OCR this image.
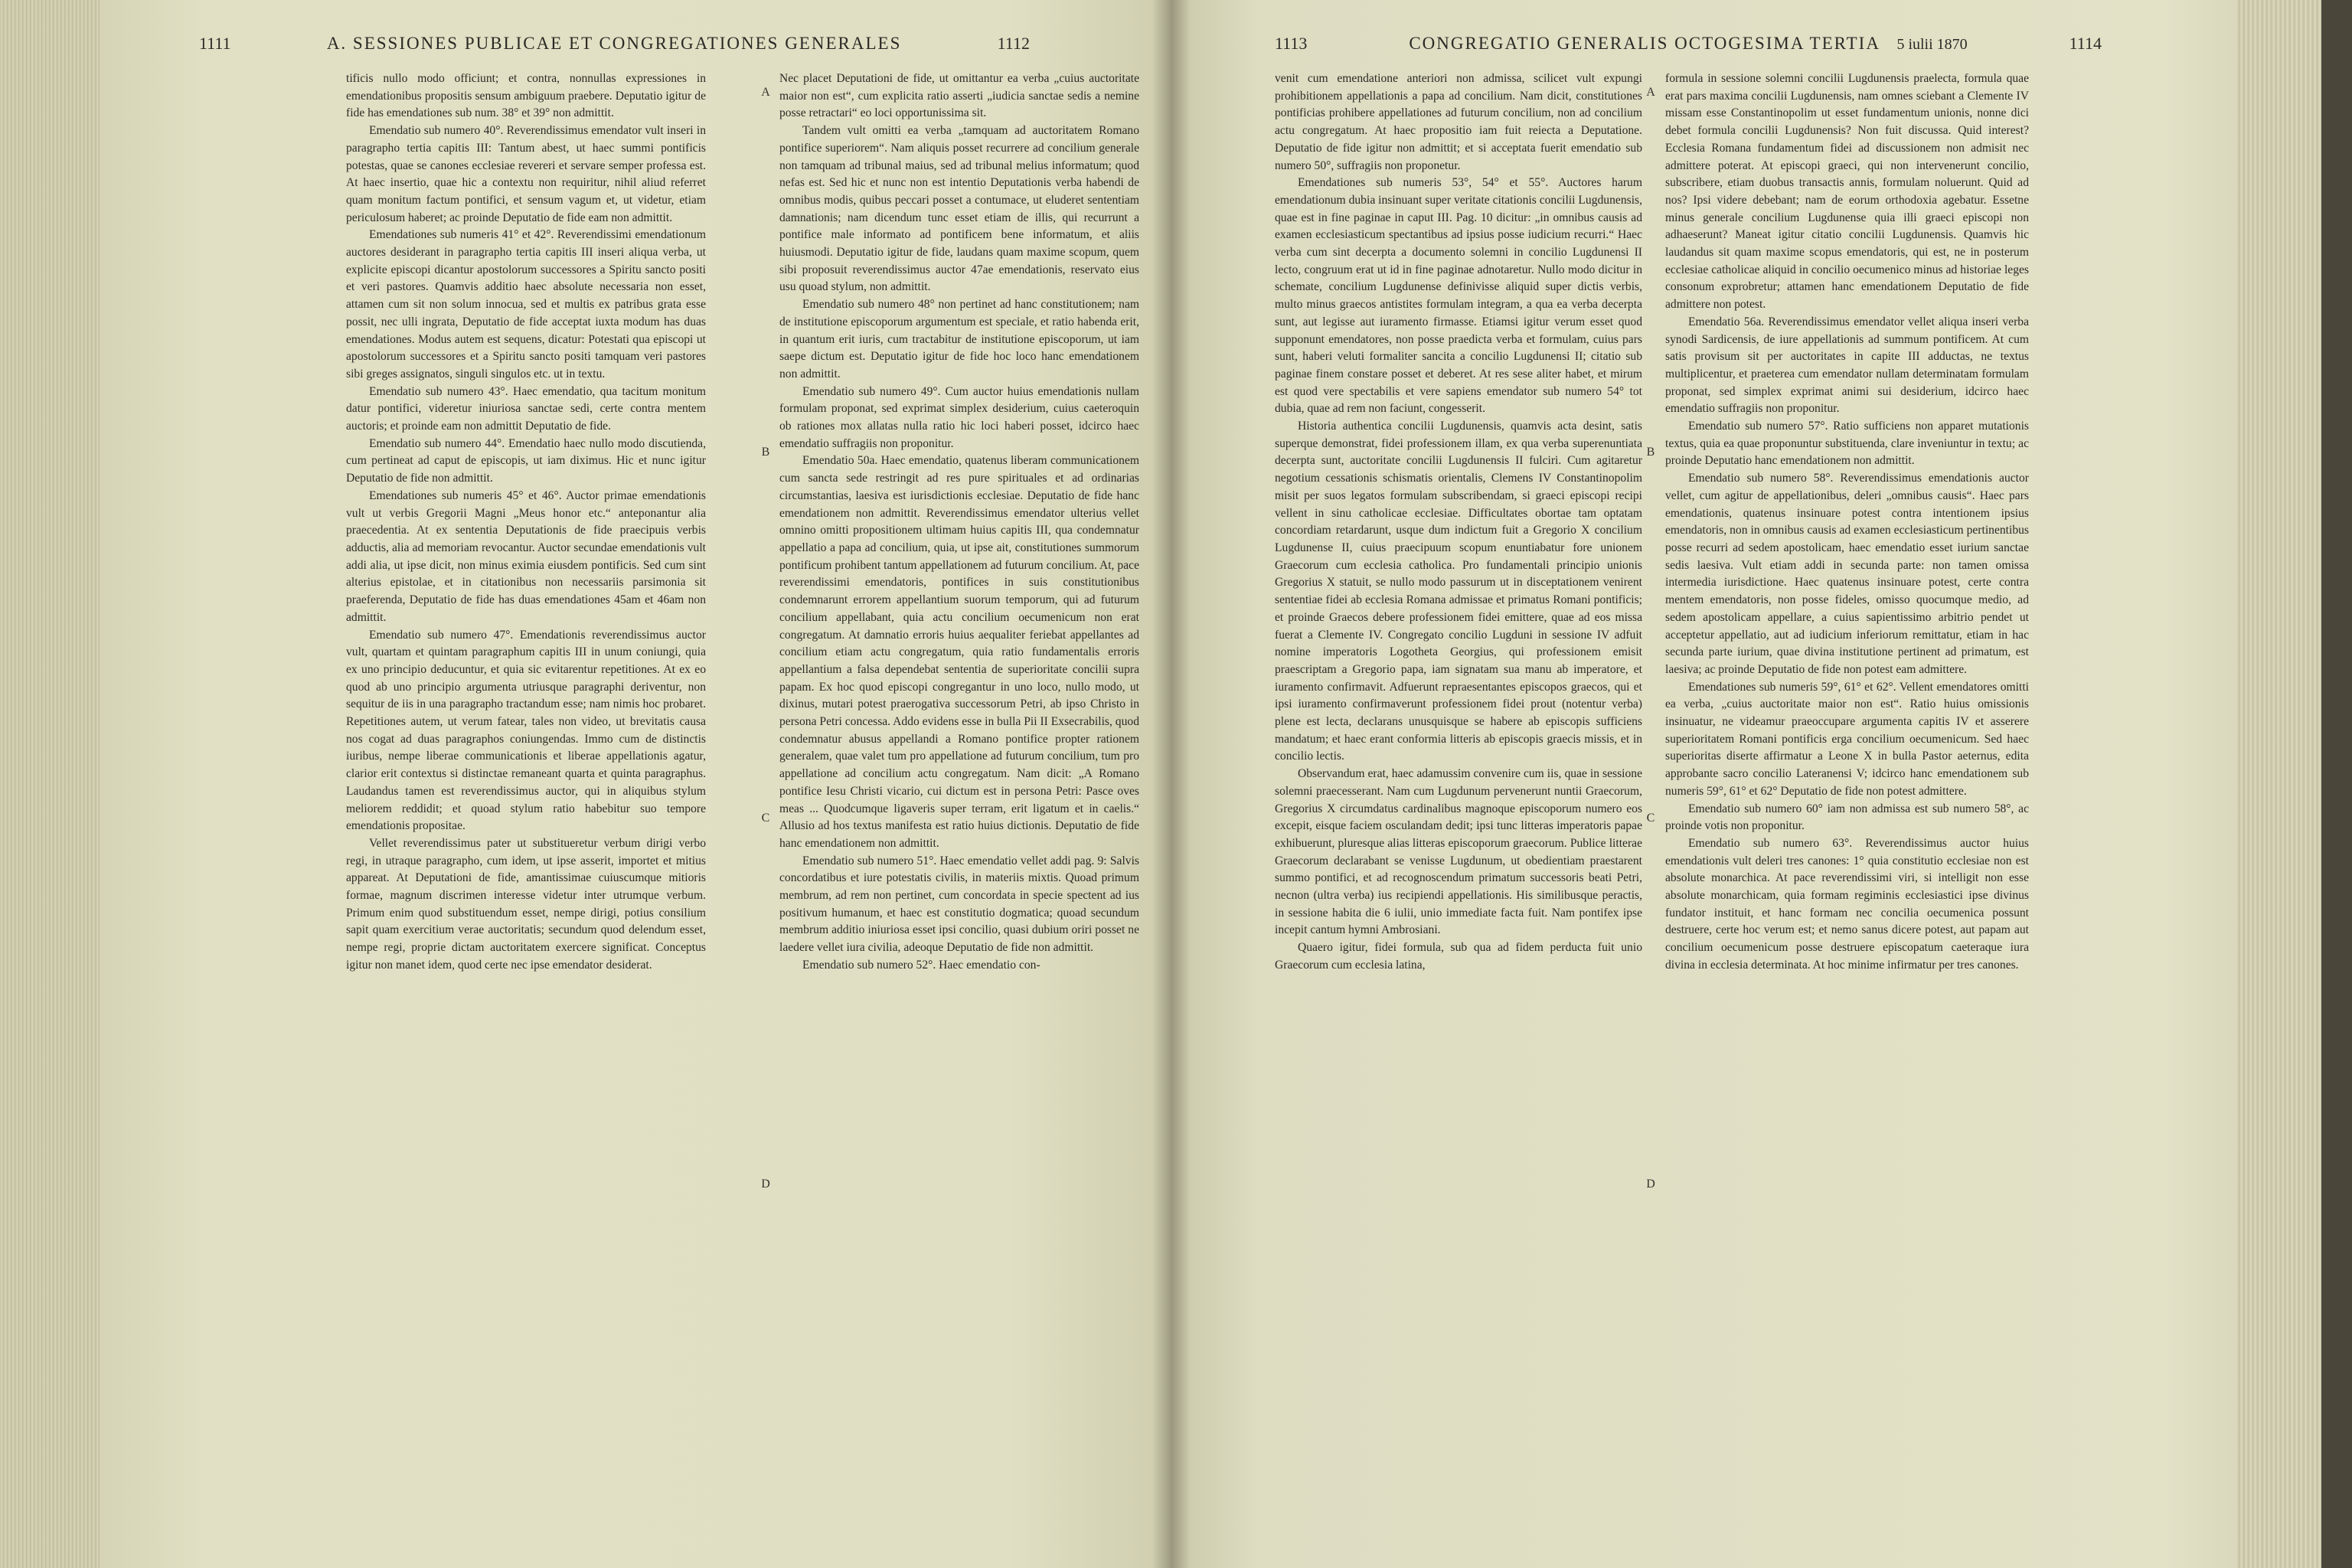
1111	A. SESSIONES PUBLICAE ET CONGREGATIONES GENERALES	1112

tificis nullo modo officiunt; et contra, nonnullas expressiones in emendationibus propositis sensum ambiguum praebere. Deputatio igitur de fide has emendationes sub num. 38° et 39° non admittit.

Emendatio sub numero 40°. Reverendissimus emendator vult inseri in paragrapho tertia capitis III: Tantum abest, ut haec summi pontificis potestas, quae se canones ecclesiae revereri et servare semper professa est. At haec insertio, quae hic a contextu non requiritur, nihil aliud referret quam monitum factum pontifici, et sensum vagum et, ut videtur, etiam periculosum haberet; ac proinde Deputatio de fide eam non admittit.

Emendationes sub numeris 41° et 42°. Reverendissimi emendationum auctores desiderant in paragrapho tertia capitis III inseri aliqua verba, ut explicite episcopi dicantur apostolorum successores a Spiritu sancto positi et veri pastores. Quamvis additio haec absolute necessaria non esset, attamen cum sit non solum innocua, sed et multis ex patribus grata esse possit, nec ulli ingrata, Deputatio de fide acceptat iuxta modum has duas emendationes. Modus autem est sequens, dicatur: Potestati qua episcopi ut apostolorum successores et a Spiritu sancto positi tamquam veri pastores sibi greges assignatos, singuli singulos etc. ut in textu.

Emendatio sub numero 43°. Haec emendatio, qua tacitum monitum datur pontifici, videretur iniuriosa sanctae sedi, certe contra mentem auctoris; et proinde eam non admittit Deputatio de fide.

Emendatio sub numero 44°. Emendatio haec nullo modo discutienda, cum pertineat ad caput de episcopis, ut iam diximus. Hic et nunc igitur Deputatio de fide non admittit.

Emendationes sub numeris 45° et 46°. Auctor primae emendationis vult ut verbis Gregorii Magni „Meus honor etc.“ anteponantur alia praecedentia. At ex sententia Deputationis de fide praecipuis verbis adductis, alia ad memoriam revocantur. Auctor secundae emendationis vult addi alia, ut ipse dicit, non minus eximia eiusdem pontificis. Sed cum sint alterius epistolae, et in citationibus non necessariis parsimonia sit praeferenda, Deputatio de fide has duas emendationes 45am et 46am non admittit.

Emendatio sub numero 47°. Emendationis reverendissimus auctor vult, quartam et quintam paragraphum capitis III in unum coniungi, quia ex uno principio deducuntur, et quia sic evitarentur repetitiones. At ex eo quod ab uno principio argumenta utriusque paragraphi deriventur, non sequitur de iis in una paragrapho tractandum esse; nam nimis hoc probaret. Repetitiones autem, ut verum fatear, tales non video, ut brevitatis causa nos cogat ad duas paragraphos coniungendas. Immo cum de distinctis iuribus, nempe liberae communicationis et liberae appellationis agatur, clarior erit contextus si distinctae remaneant quarta et quinta paragraphus. Laudandus tamen est reverendissimus auctor, qui in aliquibus stylum meliorem reddidit; et quoad stylum ratio habebitur suo tempore emendationis propositae.

Vellet reverendissimus pater ut substitueretur verbum dirigi verbo regi, in utraque paragrapho, cum idem, ut ipse asserit, importet et mitius appareat. At Deputationi de fide, amantissimae cuiuscumque mitioris formae, magnum discrimen interesse videtur inter utrumque verbum. Primum enim quod substituendum esset, nempe dirigi, potius consilium sapit quam exercitium verae auctoritatis; secundum quod delendum esset, nempe regi, proprie dictam auctoritatem exercere significat. Conceptus igitur non manet idem, quod certe nec ipse emendator desiderat.

A
B
C
D

Nec placet Deputationi de fide, ut omittantur ea verba „cuius auctoritate maior non est“, cum explicita ratio asserti „iudicia sanctae sedis a nemine posse retractari“ eo loci opportunissima sit.

Tandem vult omitti ea verba „tamquam ad auctoritatem Romano pontifice superiorem“. Nam aliquis posset recurrere ad concilium generale non tamquam ad tribunal maius, sed ad tribunal melius informatum; quod nefas est. Sed hic et nunc non est intentio Deputationis verba habendi de omnibus modis, quibus peccari posset a contumace, ut eluderet sententiam damnationis; nam dicendum tunc esset etiam de illis, qui recurrunt a pontifice male informato ad pontificem bene informatum, et aliis huiusmodi. Deputatio igitur de fide, laudans quam maxime scopum, quem sibi proposuit reverendissimus auctor 47ae emendationis, reservato eius usu quoad stylum, non admittit.

Emendatio sub numero 48° non pertinet ad hanc constitutionem; nam de institutione episcoporum argumentum est speciale, et ratio habenda erit, in quantum erit iuris, cum tractabitur de institutione episcoporum, ut iam saepe dictum est. Deputatio igitur de fide hoc loco hanc emendationem non admittit.

Emendatio sub numero 49°. Cum auctor huius emendationis nullam formulam proponat, sed exprimat simplex desiderium, cuius caeteroquin ob rationes mox allatas nulla ratio hic loci haberi posset, idcirco haec emendatio suffragiis non proponitur.

Emendatio 50a. Haec emendatio, quatenus liberam communicationem cum sancta sede restringit ad res pure spirituales et ad ordinarias circumstantias, laesiva est iurisdictionis ecclesiae. Deputatio de fide hanc emendationem non admittit. Reverendissimus emendator ulterius vellet omnino omitti propositionem ultimam huius capitis III, qua condemnatur appellatio a papa ad concilium, quia, ut ipse ait, constitutiones summorum pontificum prohibent tantum appellationem ad futurum concilium. At, pace reverendissimi emendatoris, pontifices in suis constitutionibus condemnarunt errorem appellantium suorum temporum, qui ad futurum concilium appellabant, quia actu concilium oecumenicum non erat congregatum. At damnatio erroris huius aequaliter feriebat appellantes ad concilium etiam actu congregatum, quia ratio fundamentalis erroris appellantium a falsa dependebat sententia de superioritate concilii supra papam. Ex hoc quod episcopi congregantur in uno loco, nullo modo, ut dixinus, mutari potest praerogativa successorum Petri, ab ipso Christo in persona Petri concessa. Addo evidens esse in bulla Pii II Exsecrabilis, quod condemnatur abusus appellandi a Romano pontifice propter rationem generalem, quae valet tum pro appellatione ad futurum concilium, tum pro appellatione ad concilium actu congregatum. Nam dicit: „A Romano pontifice Iesu Christi vicario, cui dictum est in persona Petri: Pasce oves meas ... Quodcumque ligaveris super terram, erit ligatum et in caelis.“ Allusio ad hos textus manifesta est ratio huius dictionis. Deputatio de fide hanc emendationem non admittit.

Emendatio sub numero 51°. Haec emendatio vellet addi pag. 9: Salvis concordatibus et iure potestatis civilis, in materiis mixtis. Quoad primum membrum, ad rem non pertinet, cum concordata in specie spectent ad ius positivum humanum, et haec est constitutio dogmatica; quoad secundum membrum additio iniuriosa esset ipsi concilio, quasi dubium oriri posset ne laedere vellet iura civilia, adeoque Deputatio de fide non admittit.

Emendatio sub numero 52°. Haec emendatio con-

1113	CONGREGATIO GENERALIS OCTOGESIMA TERTIA 5 iulii 1870	1114

venit cum emendatione anteriori non admissa, scilicet vult expungi prohibitionem appellationis a papa ad concilium. Nam dicit, constitutiones pontificias prohibere appellationes ad futurum concilium, non ad concilium actu congregatum. At haec propositio iam fuit reiecta a Deputatione. Deputatio de fide igitur non admittit; et si acceptata fuerit emendatio sub numero 50°, suffragiis non proponetur.

Emendationes sub numeris 53°, 54° et 55°. Auctores harum emendationum dubia insinuant super veritate citationis concilii Lugdunensis, quae est in fine paginae in caput III. Pag. 10 dicitur: „in omnibus causis ad examen ecclesiasticum spectantibus ad ipsius posse iudicium recurri.“ Haec verba cum sint decerpta a documento solemni in concilio Lugdunensi II lecto, congruum erat ut id in fine paginae adnotaretur. Nullo modo dicitur in schemate, concilium Lugdunense definivisse aliquid super dictis verbis, multo minus graecos antistites formulam integram, a qua ea verba decerpta sunt, aut legisse aut iuramento firmasse. Etiamsi igitur verum esset quod supponunt emendatores, non posse praedicta verba et formulam, cuius pars sunt, haberi veluti formaliter sancita a concilio Lugdunensi II; citatio sub paginae finem constare posset et deberet. At res sese aliter habet, et mirum est quod vere spectabilis et vere sapiens emendator sub numero 54° tot dubia, quae ad rem non faciunt, congesserit.

Historia authentica concilii Lugdunensis, quamvis acta desint, satis superque demonstrat, fidei professionem illam, ex qua verba superenuntiata decerpta sunt, auctoritate concilii Lugdunensis II fulciri. Cum agitaretur negotium cessationis schismatis orientalis, Clemens IV Constantinopolim misit per suos legatos formulam subscribendam, si graeci episcopi recipi vellent in sinu catholicae ecclesiae. Difficultates obortae tam optatam concordiam retardarunt, usque dum indictum fuit a Gregorio X concilium Lugdunense II, cuius praecipuum scopum enuntiabatur fore unionem Graecorum cum ecclesia catholica. Pro fundamentali principio unionis Gregorius X statuit, se nullo modo passurum ut in disceptationem venirent sententiae fidei ab ecclesia Romana admissae et primatus Romani pontificis; et proinde Graecos debere professionem fidei emittere, quae ad eos missa fuerat a Clemente IV. Congregato concilio Lugduni in sessione IV adfuit nomine imperatoris Logotheta Georgius, qui professionem emisit praescriptam a Gregorio papa, iam signatam sua manu ab imperatore, et iuramento confirmavit. Adfuerunt repraesentantes episcopos graecos, qui et ipsi iuramento confirmaverunt professionem fidei prout (notentur verba) plene est lecta, declarans unusquisque se habere ab episcopis sufficiens mandatum; et haec erant conformia litteris ab episcopis graecis missis, et in concilio lectis.

Observandum erat, haec adamussim convenire cum iis, quae in sessione solemni praecesserant. Nam cum Lugdunum pervenerunt nuntii Graecorum, Gregorius X circumdatus cardinalibus magnoque episcoporum numero eos excepit, eisque faciem osculandam dedit; ipsi tunc litteras imperatoris papae exhibuerunt, pluresque alias litteras episcoporum graecorum. Publice litterae Graecorum declarabant se venisse Lugdunum, ut obedientiam praestarent summo pontifici, et ad recognoscendum primatum successoris beati Petri, necnon (ultra verba) ius recipiendi appellationis. His similibusque peractis, in sessione habita die 6 iulii, unio immediate facta fuit. Nam pontifex ipse incepit cantum hymni Ambrosiani.

Quaero igitur, fidei formula, sub qua ad fidem perducta fuit unio Graecorum cum ecclesia latina,

A
B
C
D

formula in sessione solemni concilii Lugdunensis praelecta, formula quae erat pars maxima concilii Lugdunensis, nam omnes sciebant a Clemente IV missam esse Constantinopolim ut esset fundamentum unionis, nonne dici debet formula concilii Lugdunensis? Non fuit discussa. Quid interest? Ecclesia Romana fundamentum fidei ad discussionem non admisit nec admittere poterat. At episcopi graeci, qui non intervenerunt concilio, subscribere, etiam duobus transactis annis, formulam noluerunt. Quid ad nos? Ipsi videre debebant; nam de eorum orthodoxia agebatur. Essetne minus generale concilium Lugdunense quia illi graeci episcopi non adhaeserunt? Maneat igitur citatio concilii Lugdunensis. Quamvis hic laudandus sit quam maxime scopus emendatoris, qui est, ne in posterum ecclesiae catholicae aliquid in concilio oecumenico minus ad historiae leges consonum exprobretur; attamen hanc emendationem Deputatio de fide admittere non potest.

Emendatio 56a. Reverendissimus emendator vellet aliqua inseri verba synodi Sardicensis, de iure appellationis ad summum pontificem. At cum satis provisum sit per auctoritates in capite III adductas, ne textus multiplicentur, et praeterea cum emendator nullam determinatam formulam proponat, sed simplex exprimat animi sui desiderium, idcirco haec emendatio suffragiis non proponitur.

Emendatio sub numero 57°. Ratio sufficiens non apparet mutationis textus, quia ea quae proponuntur substituenda, clare inveniuntur in textu; ac proinde Deputatio hanc emendationem non admittit.

Emendatio sub numero 58°. Reverendissimus emendationis auctor vellet, cum agitur de appellationibus, deleri „omnibus causis“. Haec pars emendationis, quatenus insinuare potest contra intentionem ipsius emendatoris, non in omnibus causis ad examen ecclesiasticum pertinentibus posse recurri ad sedem apostolicam, haec emendatio esset iurium sanctae sedis laesiva. Vult etiam addi in secunda parte: non tamen omissa intermedia iurisdictione. Haec quatenus insinuare potest, certe contra mentem emendatoris, non posse fideles, omisso quocumque medio, ad sedem apostolicam appellare, a cuius sapientissimo arbitrio pendet ut acceptetur appellatio, aut ad iudicium inferiorum remittatur, etiam in hac secunda parte iurium, quae divina institutione pertinent ad primatum, est laesiva; ac proinde Deputatio de fide non potest eam admittere.

Emendationes sub numeris 59°, 61° et 62°. Vellent emendatores omitti ea verba, „cuius auctoritate maior non est“. Ratio huius omissionis insinuatur, ne videamur praeoccupare argumenta capitis IV et asserere superioritatem Romani pontificis erga concilium oecumenicum. Sed haec superioritas diserte affirmatur a Leone X in bulla Pastor aeternus, edita approbante sacro concilio Lateranensi V; idcirco hanc emendationem sub numeris 59°, 61° et 62° Deputatio de fide non potest admittere.

Emendatio sub numero 60° iam non admissa est sub numero 58°, ac proinde votis non proponitur.

Emendatio sub numero 63°. Reverendissimus auctor huius emendationis vult deleri tres canones: 1° quia constitutio ecclesiae non est absolute monarchica. At pace reverendissimi viri, si intelligit non esse absolute monarchicam, quia formam regiminis ecclesiastici ipse divinus fundator instituit, et hanc formam nec concilia oecumenica possunt destruere, certe hoc verum est; et nemo sanus dicere potest, aut papam aut concilium oecumenicum posse destruere episcopatum caeteraque iura divina in ecclesia determinata. At hoc minime infirmatur per tres canones.
